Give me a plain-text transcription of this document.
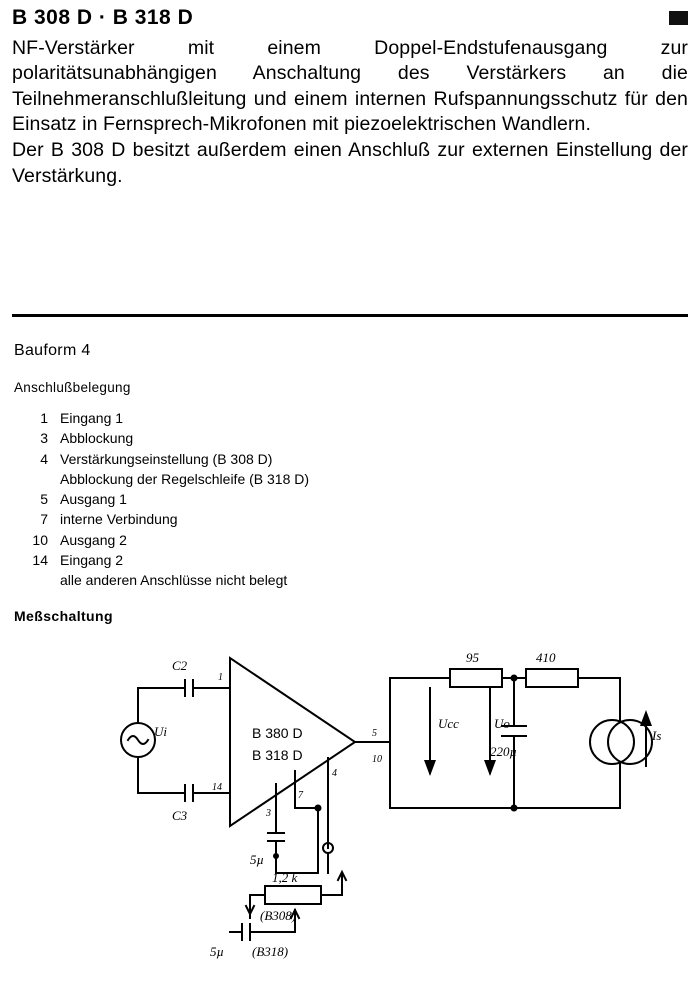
B 308 D · B 318 D

NF-Verstärker mit einem Doppel-Endstufenausgang zur polaritätsunabhängigen Anschaltung des Verstärkers an die Teilnehmeranschlußleitung und einem internen Rufspannungsschutz für den Einsatz in Fernsprech-Mikrofonen mit piezoelektrischen Wandlern.

Der B 308 D besitzt außerdem einen Anschluß zur externen Einstellung der Verstärkung.

Bauform 4
Anschlußbelegung
1 Eingang 1
3 Abblockung
4 Verstärkungseinstellung (B 308 D)
Abblockung der Regelschleife (B 318 D)
5 Ausgang 1
7 interne Verbindung
10 Ausgang 2
14 Eingang 2
alle anderen Anschlüsse nicht belegt
Meßschaltung
C2
C3
Ui	B 380 D
B 318 D
1
14
3
7
4
5
10
95	410
Ucc	Uo
220µ
Is
5µ
1,2 k
(B308)
5µ (B318)
